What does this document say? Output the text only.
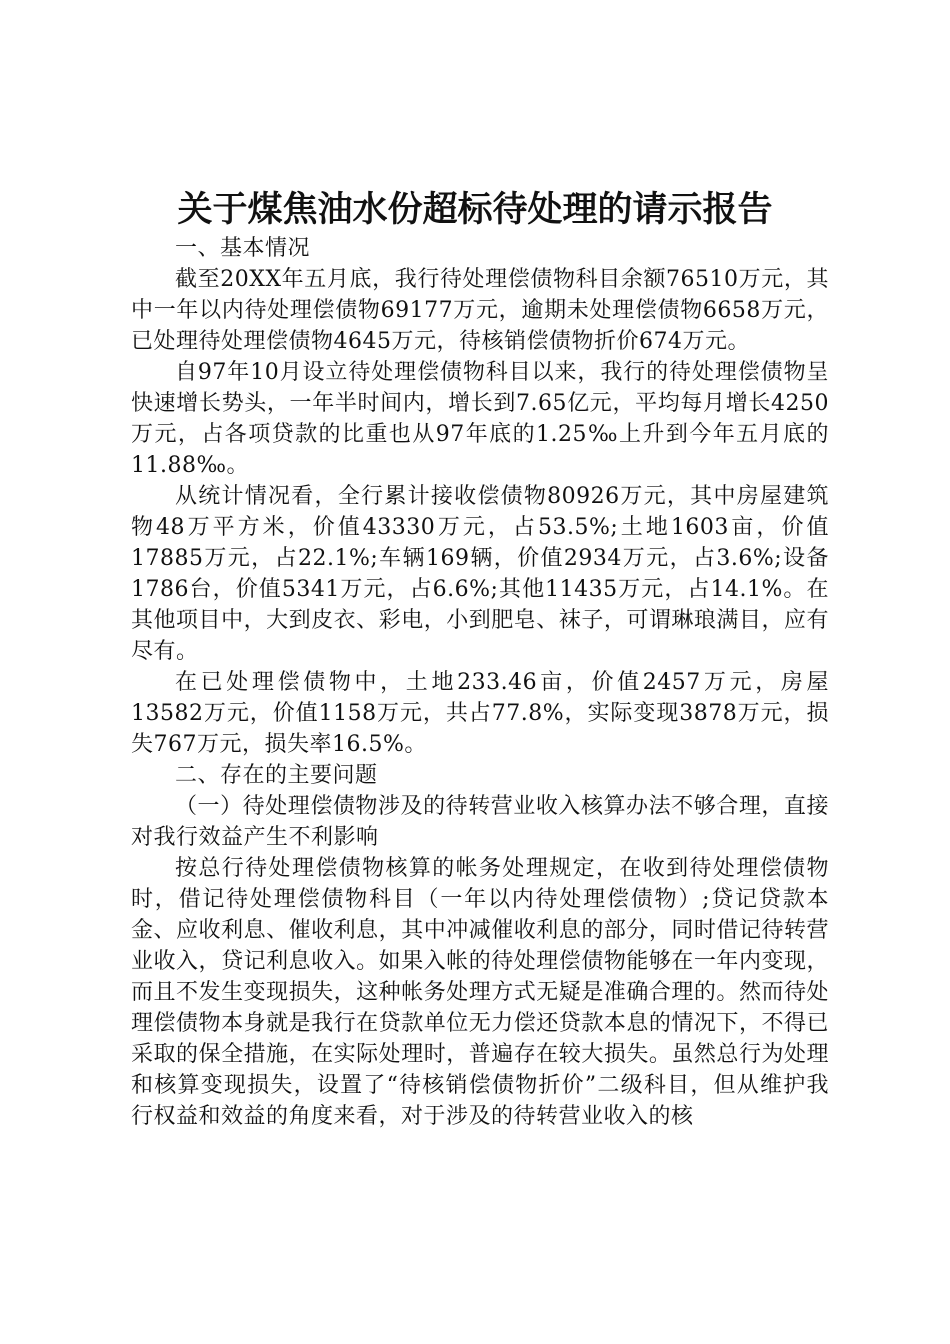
关于煤焦油水份超标待处理的请示报告

一、基本情况

截至20XX年五月底，我行待处理偿债物科目余额76510万元，其中一年以内待处理偿债物69177万元，逾期未处理偿债物6658万元，已处理待处理偿债物4645万元，待核销偿债物折价674万元。

自97年10月设立待处理偿债物科目以来，我行的待处理偿债物呈快速增长势头，一年半时间内，增长到7.65亿元，平均每月增长4250万元，占各项贷款的比重也从97年底的1.25‰上升到今年五月底的11.88‰。

从统计情况看，全行累计接收偿债物80926万元，其中房屋建筑物48万平方米，价值43330万元，占53.5%;土地1603亩，价值17885万元，占22.1%;车辆169辆，价值2934万元，占3.6%;设备1786台，价值5341万元，占6.6%;其他11435万元，占14.1%。在其他项目中，大到皮衣、彩电，小到肥皂、袜子，可谓琳琅满目，应有尽有。

在已处理偿债物中，土地233.46亩，价值2457万元，房屋13582万元，价值1158万元，共占77.8%，实际变现3878万元，损失767万元，损失率16.5%。

二、存在的主要问题

（一）待处理偿债物涉及的待转营业收入核算办法不够合理，直接对我行效益产生不利影响

按总行待处理偿债物核算的帐务处理规定，在收到待处理偿债物时，借记待处理偿债物科目（一年以内待处理偿债物）;贷记贷款本金、应收利息、催收利息，其中冲减催收利息的部分，同时借记待转营业收入，贷记利息收入。如果入帐的待处理偿债物能够在一年内变现，而且不发生变现损失，这种帐务处理方式无疑是准确合理的。然而待处理偿债物本身就是我行在贷款单位无力偿还贷款本息的情况下，不得已采取的保全措施，在实际处理时，普遍存在较大损失。虽然总行为处理和核算变现损失，设置了“待核销偿债物折价”二级科目，但从维护我行权益和效益的角度来看，对于涉及的待转营业收入的核
